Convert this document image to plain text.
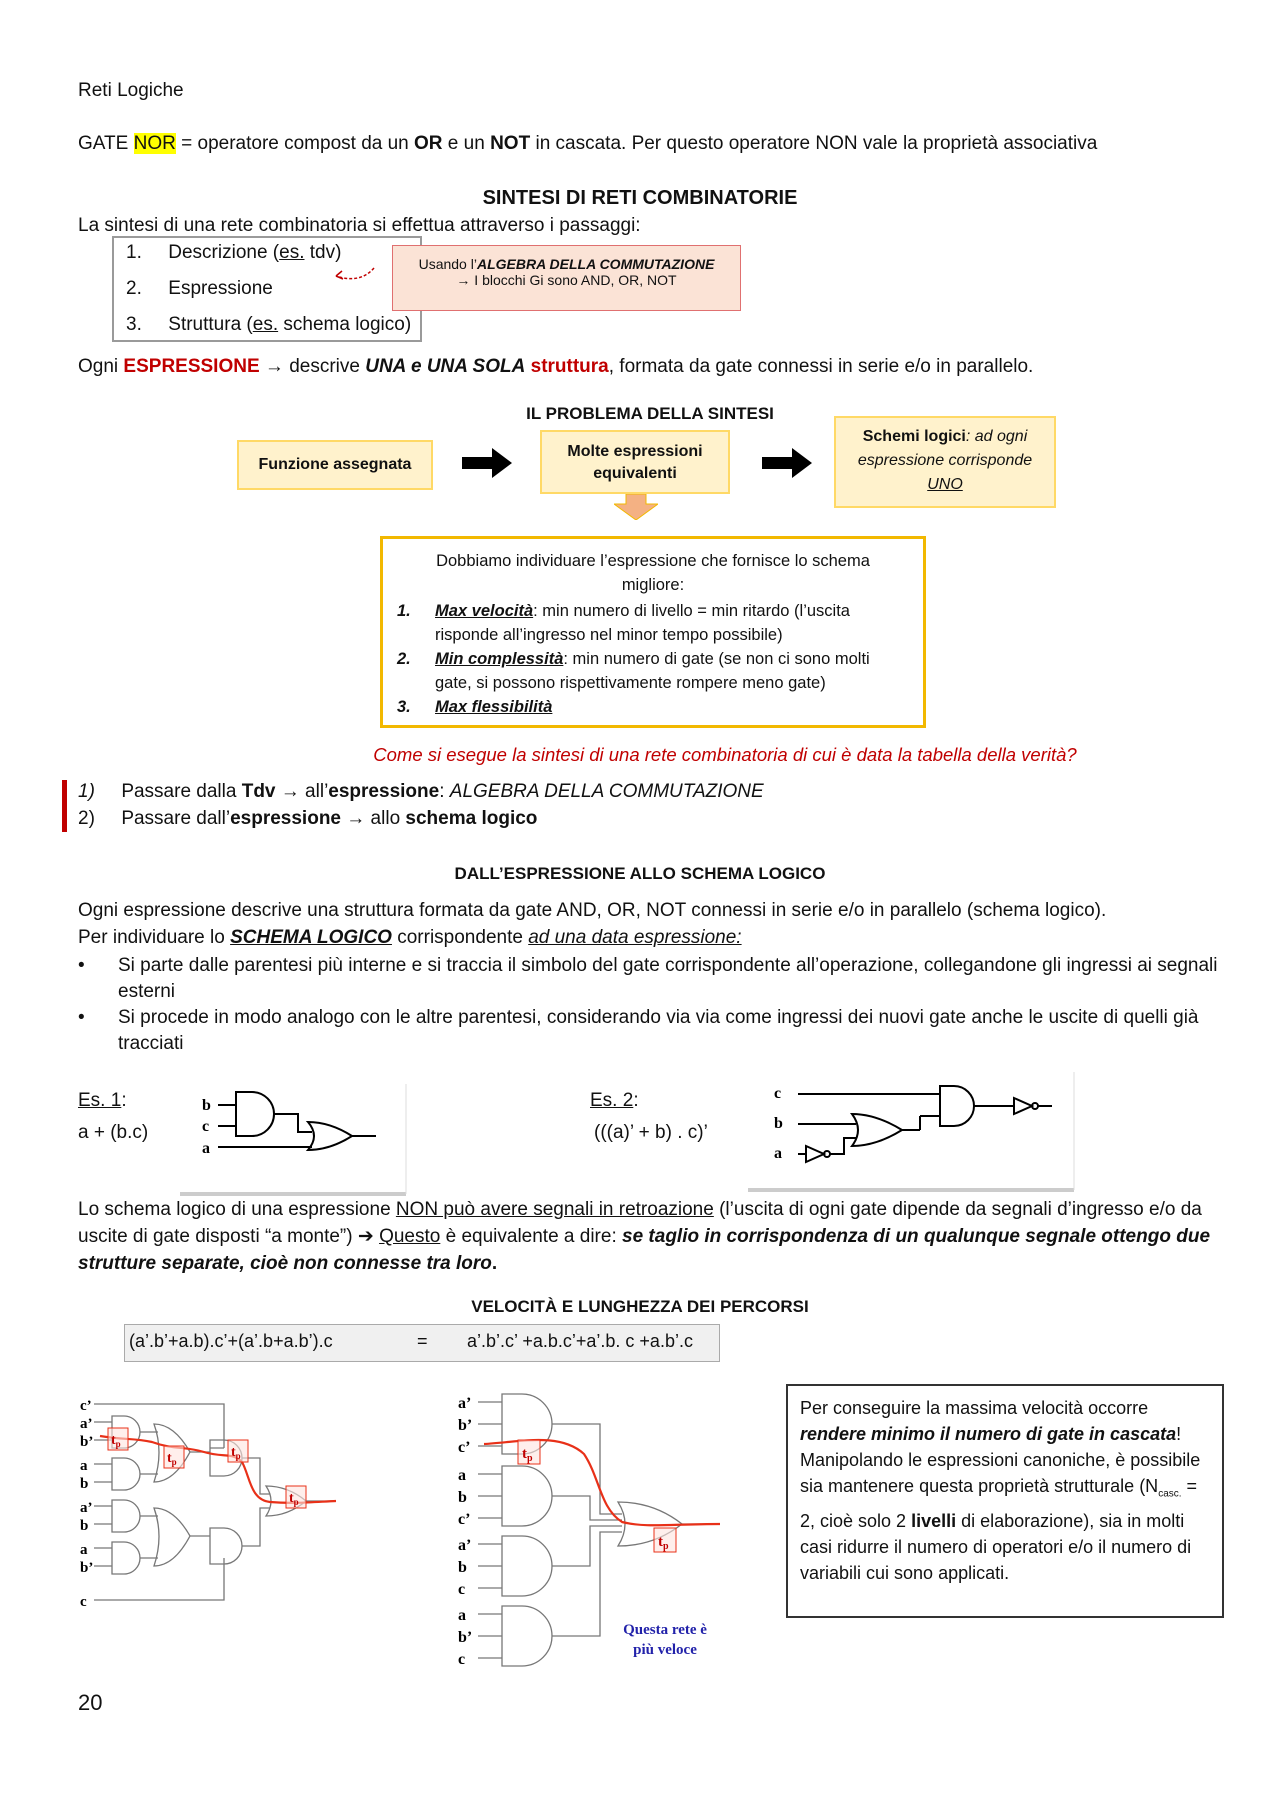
Reti Logiche
GATE NOR = operatore compost da un OR e un NOT in cascata. Per questo operatore NON vale la proprietà associativa
SINTESI DI RETI COMBINATORIE
La sintesi di una rete combinatoria si effettua attraverso i passaggi:
1. Descrizione (es. tdv)
2. Espressione
3. Struttura (es. schema logico)
Usando l’ALGEBRA DELLA COMMUTAZIONE
→ I blocchi Gi sono AND, OR, NOT
Ogni ESPRESSIONE → descrive UNA e UNA SOLA struttura, formata da gate connessi in serie e/o in parallelo.
IL PROBLEMA DELLA SINTESI
Funzione assegnata
Molte espressioni equivalenti
Schemi logici: ad ogni espressione corrisponde UNO
Dobbiamo individuare l’espressione che fornisce lo schema migliore:
1.	Max velocità: min numero di livello = min ritardo (l’uscita risponde all’ingresso nel minor tempo possibile)
2.	Min complessità: min numero di gate (se non ci sono molti gate, si possono rispettivamente rompere meno gate)
3.	Max flessibilità
Come si esegue la sintesi di una rete combinatoria di cui è data la tabella della verità?
1) Passare dalla Tdv → all’espressione: ALGEBRA DELLA COMMUTAZIONE
2) Passare dall’espressione → allo schema logico
DALL’ESPRESSIONE ALLO SCHEMA LOGICO
Ogni espressione descrive una struttura formata da gate AND, OR, NOT connessi in serie e/o in parallelo (schema logico).
Per individuare lo SCHEMA LOGICO corrispondente ad una data espressione:
•	Si parte dalle parentesi più interne e si traccia il simbolo del gate corrispondente all’operazione, collegandone gli ingressi ai segnali esterni
•	Si procede in modo analogo con le altre parentesi, considerando via via come ingressi dei nuovi gate anche le uscite di quelli già tracciati
Es. 1:
a + (b.c)
b
c
a
Es. 2:
(((a)’ + b) . c)’
c
b
a
Lo schema logico di una espressione NON può avere segnali in retroazione (l’uscita di ogni gate dipende da segnali d’ingresso e/o da uscite di gate disposti “a monte”) ➔ Questo è equivalente a dire: se taglio in corrispondenza di un qualunque segnale ottengo due strutture separate, cioè non connesse tra loro.
VELOCITÀ E LUNGHEZZA DEI PERCORSI
(a’.b’+a.b).c’+(a’.b+a.b’).c	= a’.b’.c’ +a.b.c’+a’.b. c +a.b’.c
c’
a’
b’
a
b
a’
b
a
b’
c
$t_p$
$t_p$
$t_p$
$t_p$
a’
b’
c’
a
b
c’
a’
b
c
a
b’
c
$t_p$
$t_p$
Questa rete è più veloce
Per conseguire la massima velocità occorre rendere minimo il numero di gate in cascata! Manipolando le espressioni canoniche, è possibile sia mantenere questa proprietà strutturale ($N_{casc.} = 2$, cioè solo 2 livelli di elaborazione), sia in molti casi ridurre il numero di operatori e/o il numero di variabili cui sono applicati.
20
